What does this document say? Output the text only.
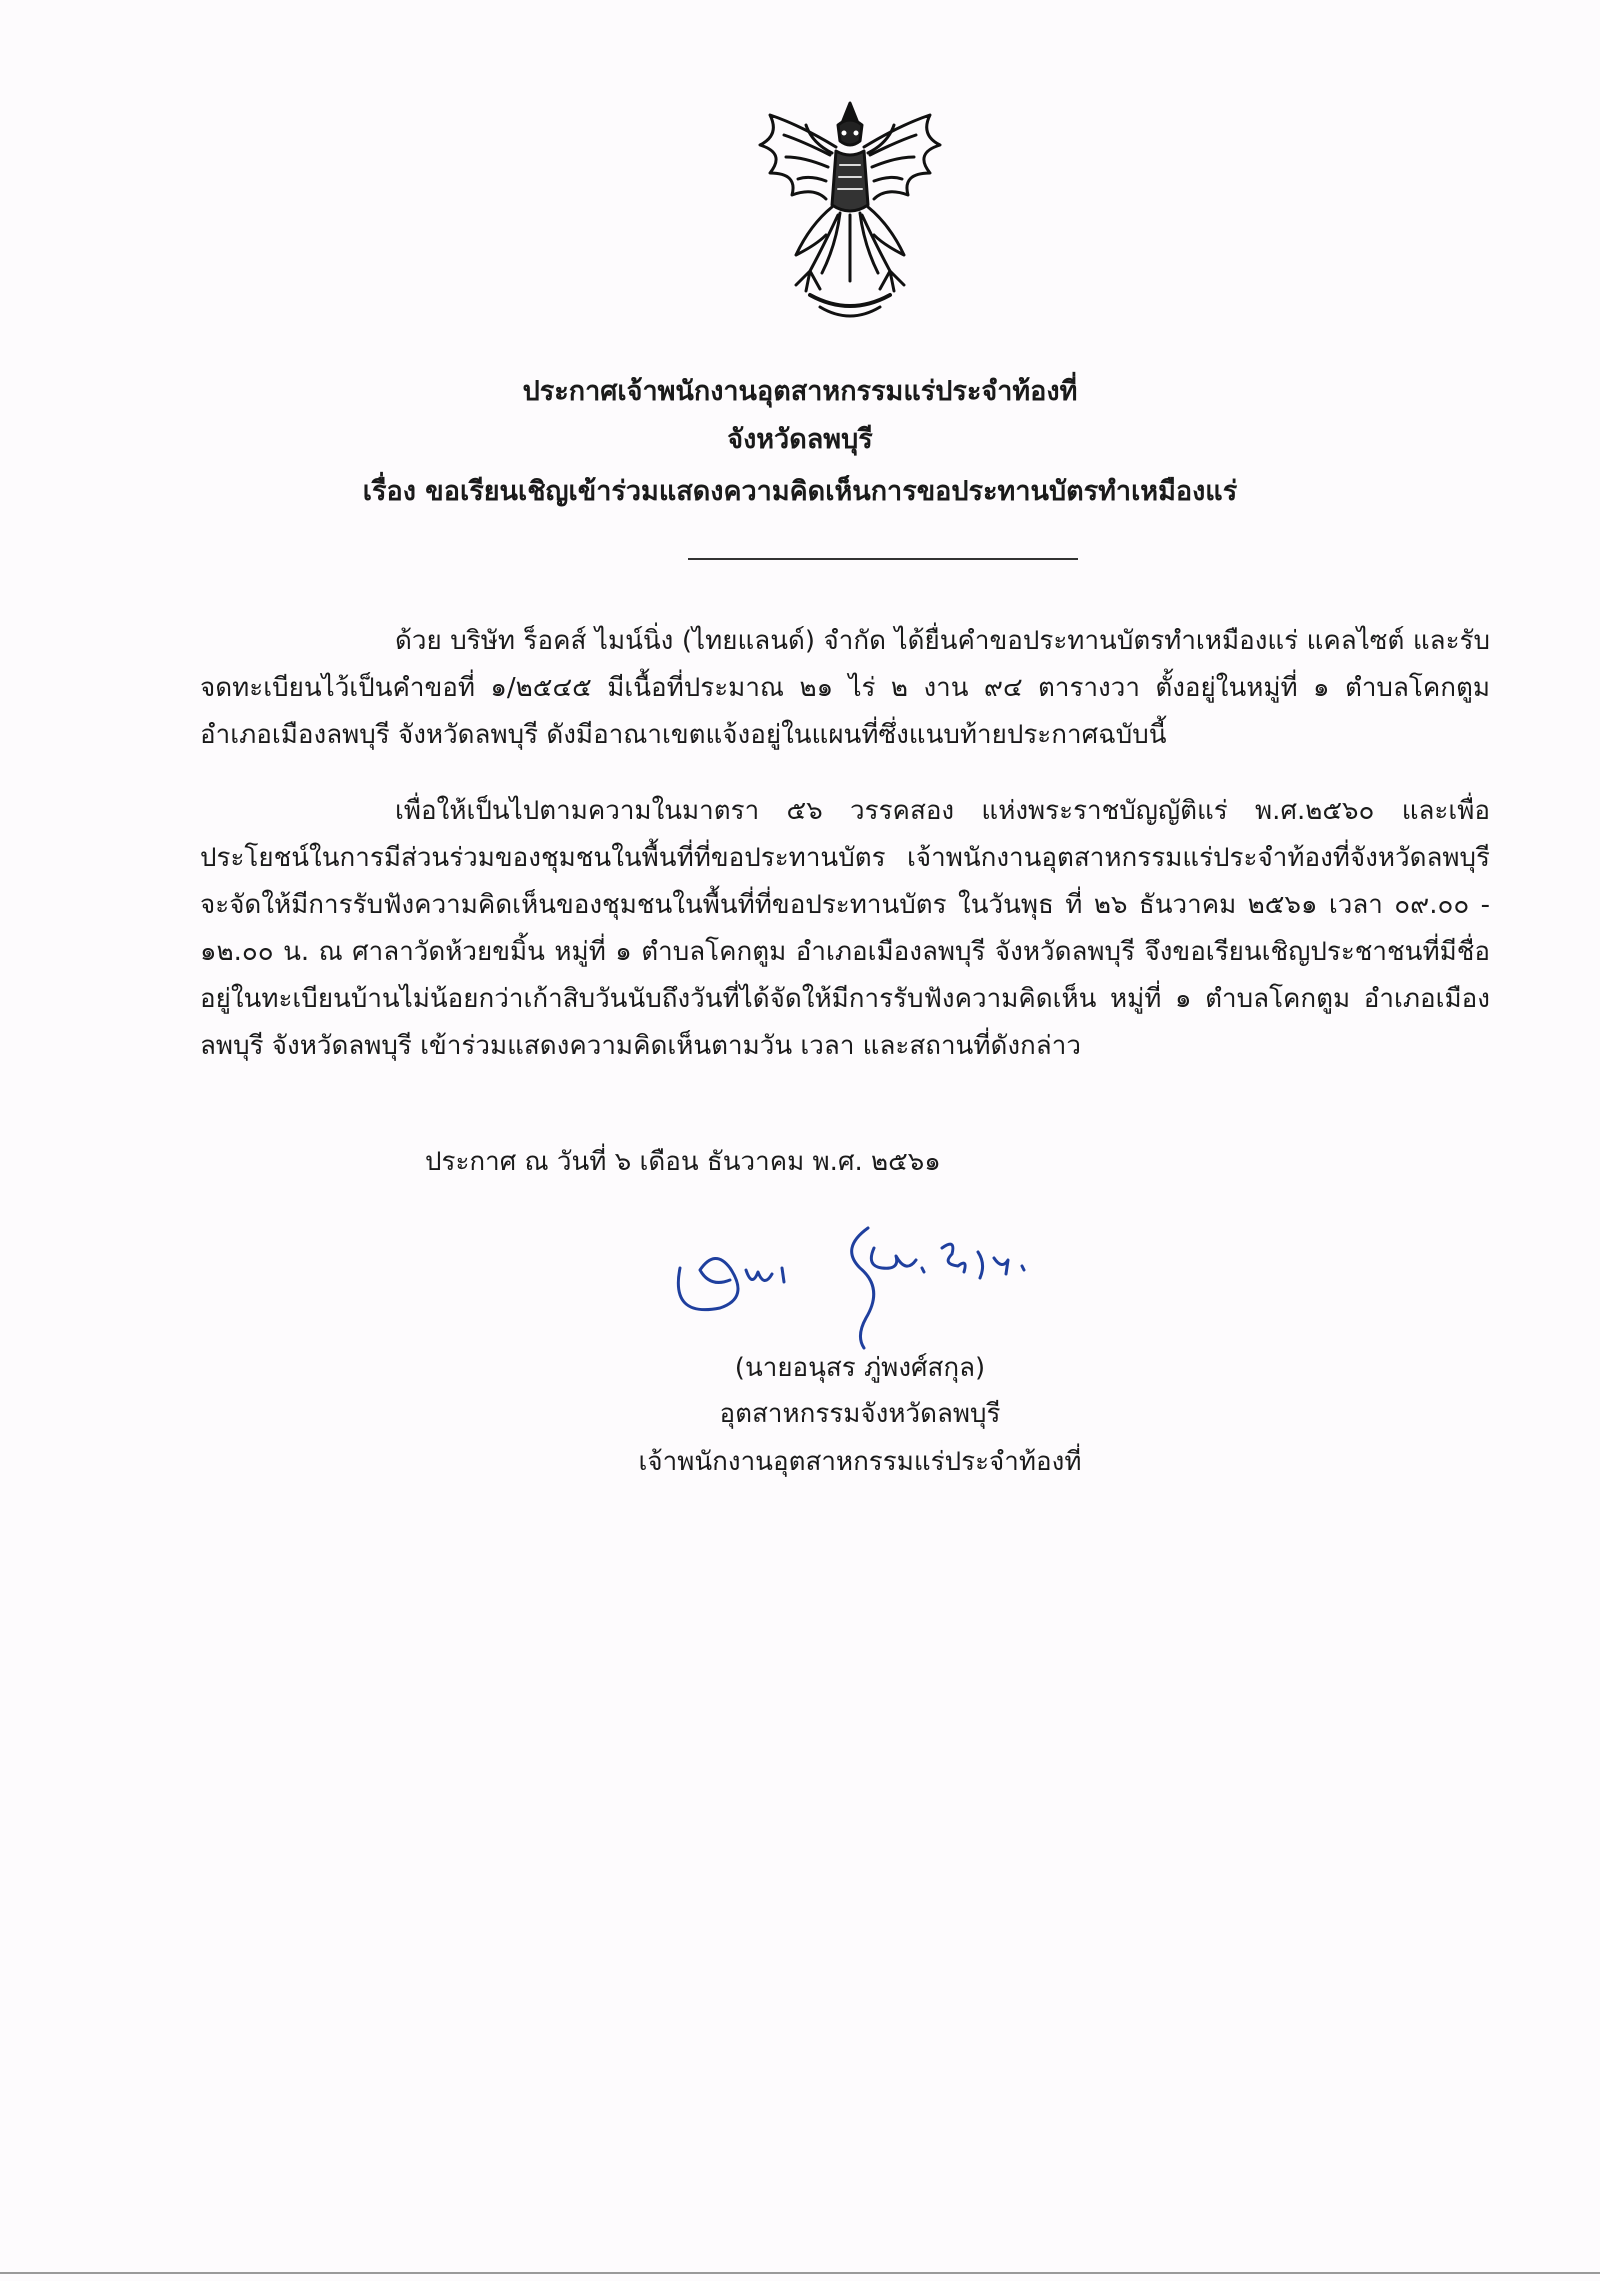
ประกาศเจ้าพนักงานอุตสาหกรรมแร่ประจำท้องที่
จังหวัดลพบุรี
เรื่อง ขอเรียนเชิญเข้าร่วมแสดงความคิดเห็นการขอประทานบัตรทำเหมืองแร่
ด้วย บริษัท ร็อคส์ ไมน์นิ่ง (ไทยแลนด์) จำกัด ได้ยื่นคำขอประทานบัตรทำเหมืองแร่ แคลไซต์ และรับจดทะเบียนไว้เป็นคำขอที่ ๑/๒๕๔๕ มีเนื้อที่ประมาณ ๒๑ ไร่ ๒ งาน ๙๔ ตารางวา ตั้งอยู่ในหมู่ที่ ๑ ตำบลโคกตูม อำเภอเมืองลพบุรี จังหวัดลพบุรี ดังมีอาณาเขตแจ้งอยู่ในแผนที่ซึ่งแนบท้ายประกาศฉบับนี้
เพื่อให้เป็นไปตามความในมาตรา ๕๖ วรรคสอง แห่งพระราชบัญญัติแร่ พ.ศ.๒๕๖๐ และเพื่อประโยชน์ในการมีส่วนร่วมของชุมชนในพื้นที่ที่ขอประทานบัตร เจ้าพนักงานอุตสาหกรรมแร่ประจำท้องที่จังหวัดลพบุรี จะจัดให้มีการรับฟังความคิดเห็นของชุมชนในพื้นที่ที่ขอประทานบัตร ในวันพุธ ที่ ๒๖ ธันวาคม ๒๕๖๑ เวลา ๐๙.๐๐ - ๑๒.๐๐ น. ณ ศาลาวัดห้วยขมิ้น หมู่ที่ ๑ ตำบลโคกตูม อำเภอเมืองลพบุรี จังหวัดลพบุรี จึงขอเรียนเชิญประชาชนที่มีชื่ออยู่ในทะเบียนบ้านไม่น้อยกว่าเก้าสิบวันนับถึงวันที่ได้จัดให้มีการรับฟังความคิดเห็น หมู่ที่ ๑ ตำบลโคกตูม อำเภอเมืองลพบุรี จังหวัดลพบุรี เข้าร่วมแสดงความคิดเห็นตามวัน เวลา และสถานที่ดังกล่าว
ประกาศ ณ วันที่ ๖ เดือน ธันวาคม พ.ศ. ๒๕๖๑
(นายอนุสร ภู่พงศ์สกุล)
อุตสาหกรรมจังหวัดลพบุรี
เจ้าพนักงานอุตสาหกรรมแร่ประจำท้องที่
